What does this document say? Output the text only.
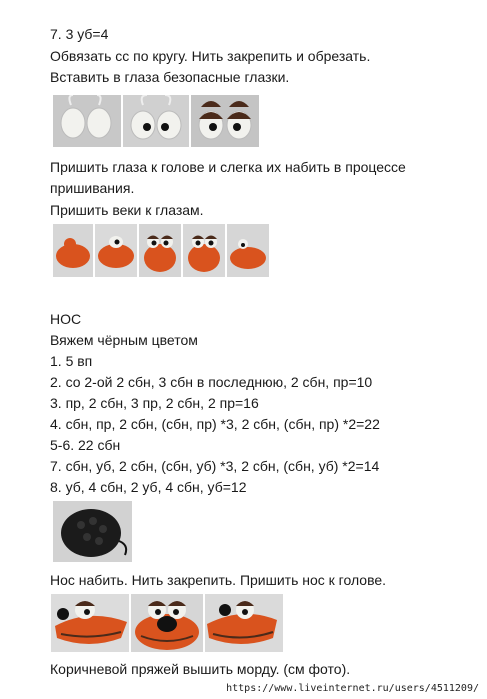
7. 3 уб=4
Обвязать сс по кругу. Нить закрепить и обрезать.
Вставить в глаза безопасные глазки.
Пришить глаза к голове и слегка их набить в процессе
пришивания.
Пришить веки к глазам.
НОС
Вяжем чёрным цветом
1. 5 вп
2. со 2-ой 2 сбн, 3 сбн в последнюю, 2 сбн, пр=10
3. пр, 2 сбн, 3 пр, 2 сбн, 2 пр=16
4. сбн, пр, 2 сбн, (сбн, пр) *3, 2 сбн, (сбн, пр) *2=22
5-6. 22 сбн
7. сбн, уб, 2 сбн, (сбн, уб) *3, 2 сбн, (сбн, уб) *2=14
8. уб, 4 сбн, 2 уб, 4 сбн, уб=12
Нос набить. Нить закрепить. Пришить нос к голове.
Коричневой пряжей вышить морду. (см фото).
https://www.liveinternet.ru/users/4511209/
